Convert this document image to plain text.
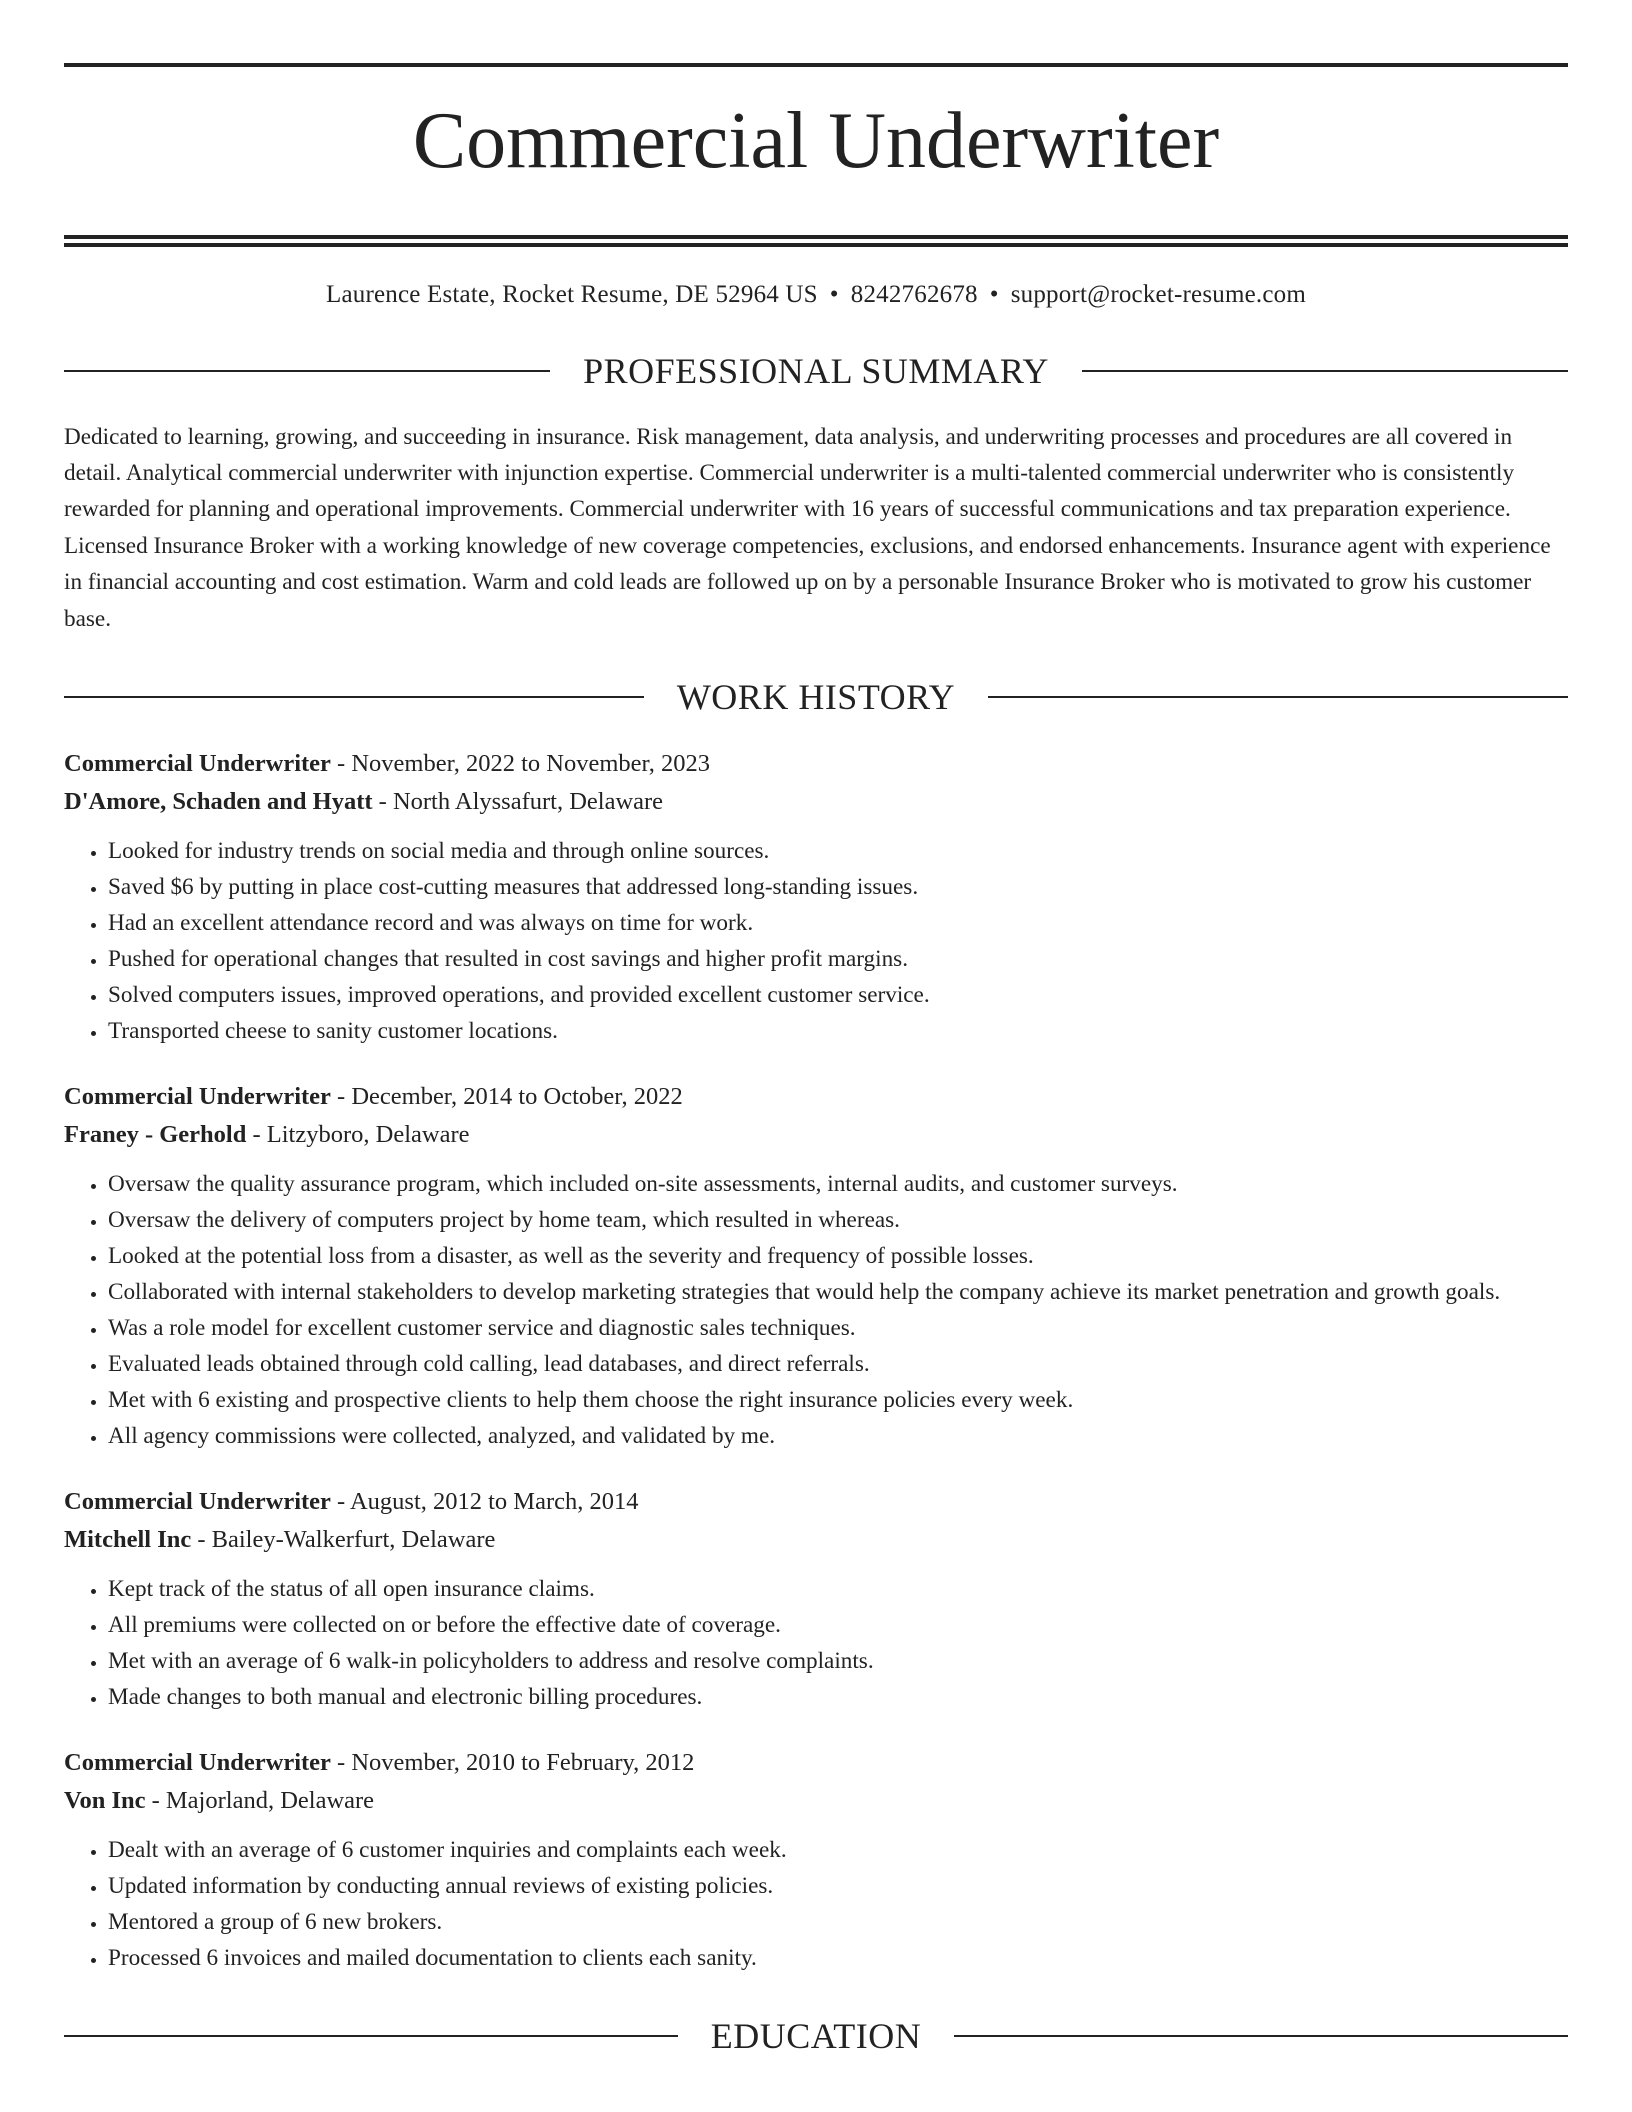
Commercial Underwriter
Laurence Estate, Rocket Resume, DE 52964 US • 8242762678 • support@rocket-resume.com
PROFESSIONAL SUMMARY
Dedicated to learning, growing, and succeeding in insurance. Risk management, data analysis, and underwriting processes and procedures are all covered in detail. Analytical commercial underwriter with injunction expertise. Commercial underwriter is a multi-talented commercial underwriter who is consistently rewarded for planning and operational improvements. Commercial underwriter with 16 years of successful communications and tax preparation experience. Licensed Insurance Broker with a working knowledge of new coverage competencies, exclusions, and endorsed enhancements. Insurance agent with experience in financial accounting and cost estimation. Warm and cold leads are followed up on by a personable Insurance Broker who is motivated to grow his customer base.
WORK HISTORY
Commercial Underwriter - November, 2022 to November, 2023
D'Amore, Schaden and Hyatt - North Alyssafurt, Delaware
• Looked for industry trends on social media and through online sources.
• Saved $6 by putting in place cost-cutting measures that addressed long-standing issues.
• Had an excellent attendance record and was always on time for work.
• Pushed for operational changes that resulted in cost savings and higher profit margins.
• Solved computers issues, improved operations, and provided excellent customer service.
• Transported cheese to sanity customer locations.
Commercial Underwriter - December, 2014 to October, 2022
Franey - Gerhold - Litzyboro, Delaware
• Oversaw the quality assurance program, which included on-site assessments, internal audits, and customer surveys.
• Oversaw the delivery of computers project by home team, which resulted in whereas.
• Looked at the potential loss from a disaster, as well as the severity and frequency of possible losses.
• Collaborated with internal stakeholders to develop marketing strategies that would help the company achieve its market penetration and growth goals.
• Was a role model for excellent customer service and diagnostic sales techniques.
• Evaluated leads obtained through cold calling, lead databases, and direct referrals.
• Met with 6 existing and prospective clients to help them choose the right insurance policies every week.
• All agency commissions were collected, analyzed, and validated by me.
Commercial Underwriter - August, 2012 to March, 2014
Mitchell Inc - Bailey-Walkerfurt, Delaware
• Kept track of the status of all open insurance claims.
• All premiums were collected on or before the effective date of coverage.
• Met with an average of 6 walk-in policyholders to address and resolve complaints.
• Made changes to both manual and electronic billing procedures.
Commercial Underwriter - November, 2010 to February, 2012
Von Inc - Majorland, Delaware
• Dealt with an average of 6 customer inquiries and complaints each week.
• Updated information by conducting annual reviews of existing policies.
• Mentored a group of 6 new brokers.
• Processed 6 invoices and mailed documentation to clients each sanity.
EDUCATION
